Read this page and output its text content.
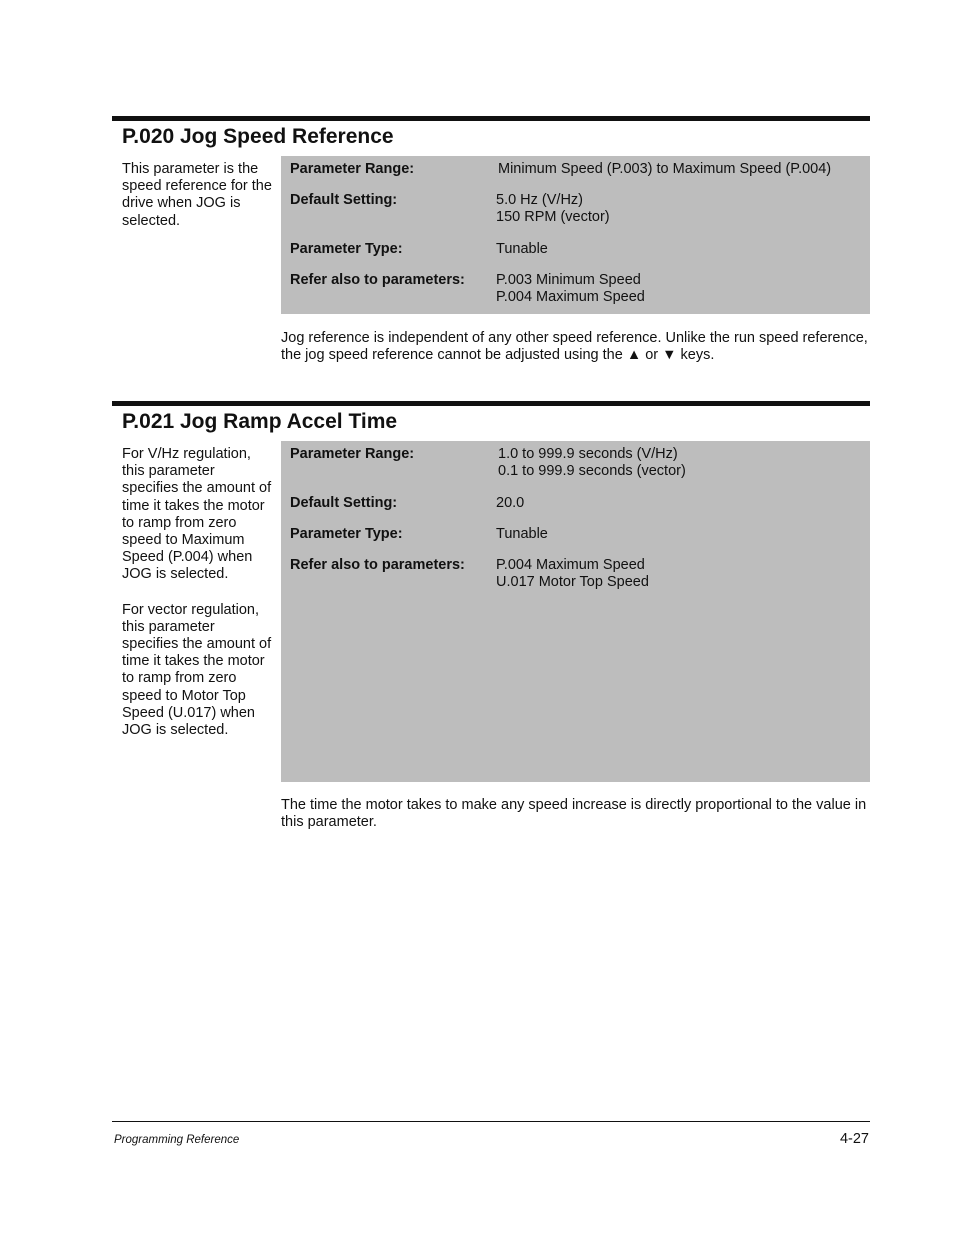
P.020 Jog Speed Reference

This parameter is the speed reference for the drive when JOG is selected.

Parameter Range:	Minimum Speed (P.003) to Maximum Speed (P.004)
Default Setting:	5.0 Hz (V/Hz)
150 RPM (vector)
Parameter Type:	Tunable
Refer also to parameters:	P.003 Minimum Speed
P.004 Maximum Speed
Jog reference is independent of any other speed reference. Unlike the run speed reference, the jog speed reference cannot be adjusted using the ▲ or ▼ keys.
P.021 Jog Ramp Accel Time

For V/Hz regulation, this parameter specifies the amount of time it takes the motor to ramp from zero speed to Maximum Speed (P.004) when JOG is selected.

For vector regulation, this parameter specifies the amount of time it takes the motor to ramp from zero speed to Motor Top Speed (U.017) when JOG is selected.

Parameter Range:	1.0 to 999.9 seconds (V/Hz)
0.1 to 999.9 seconds (vector)
Default Setting:	20.0
Parameter Type:	Tunable
Refer also to parameters:	P.004 Maximum Speed
U.017 Motor Top Speed
The time the motor takes to make any speed increase is directly proportional to the value in this parameter.
Programming Reference	4-27
